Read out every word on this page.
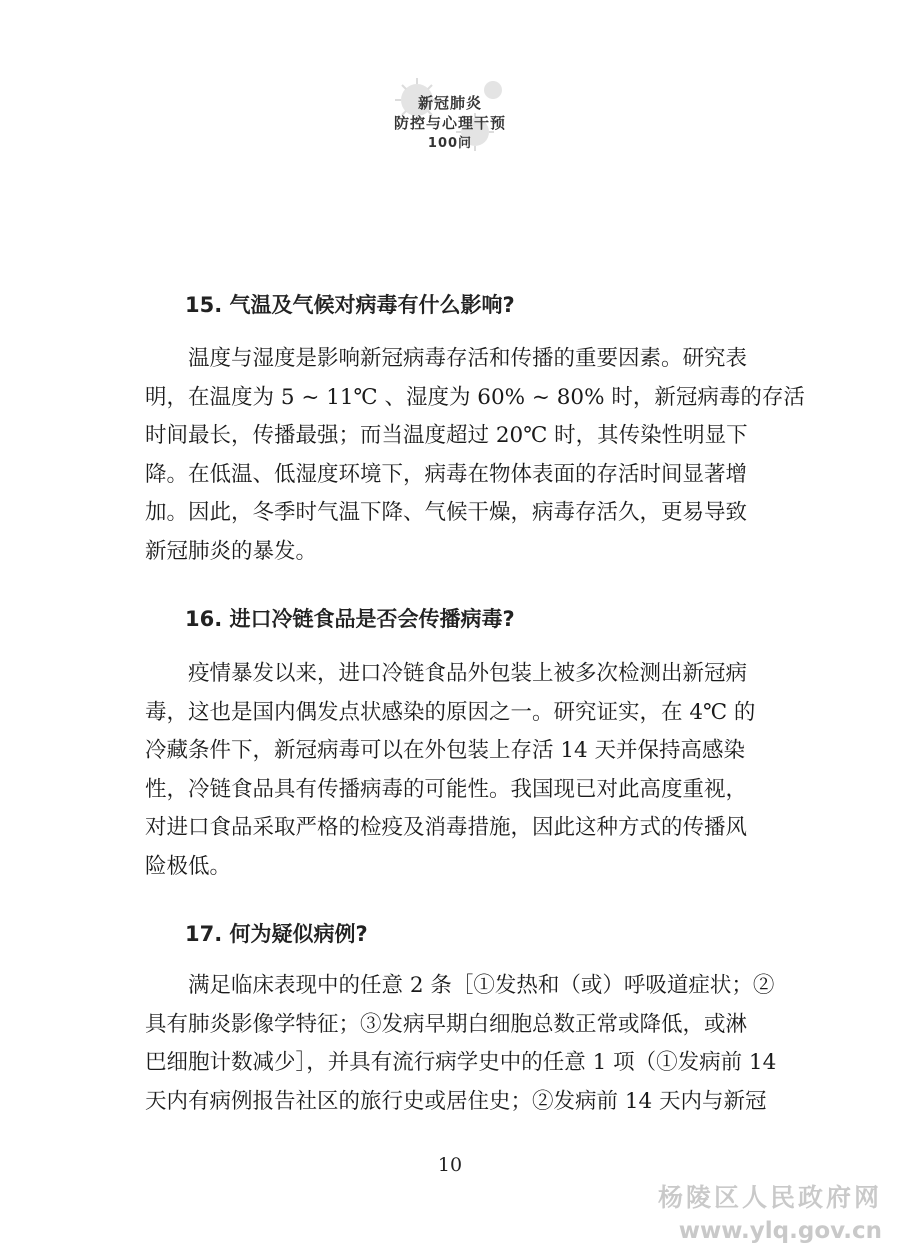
新冠肺炎
防控与心理干预
100问
15. 气温及气候对病毒有什么影响?

温度与湿度是影响新冠病毒存活和传播的重要因素。研究表
明，在温度为 5 ~ 11℃ 、湿度为 60% ~ 80% 时，新冠病毒的存活
时间最长，传播最强；而当温度超过 20℃ 时，其传染性明显下
降。在低温、低湿度环境下，病毒在物体表面的存活时间显著增
加。因此，冬季时气温下降、气候干燥，病毒存活久，更易导致
新冠肺炎的暴发。

16. 进口冷链食品是否会传播病毒?

疫情暴发以来，进口冷链食品外包装上被多次检测出新冠病
毒，这也是国内偶发点状感染的原因之一。研究证实，在 4℃ 的
冷藏条件下，新冠病毒可以在外包装上存活 14 天并保持高感染
性，冷链食品具有传播病毒的可能性。我国现已对此高度重视，
对进口食品采取严格的检疫及消毒措施，因此这种方式的传播风
险极低。

17. 何为疑似病例?

满足临床表现中的任意 2 条［①发热和（或）呼吸道症状；②
具有肺炎影像学特征；③发病早期白细胞总数正常或降低，或淋
巴细胞计数减少］，并具有流行病学史中的任意 1 项（①发病前 14
天内有病例报告社区的旅行史或居住史；②发病前 14 天内与新冠

10
杨陵区人民政府网
www.ylq.gov.cn
